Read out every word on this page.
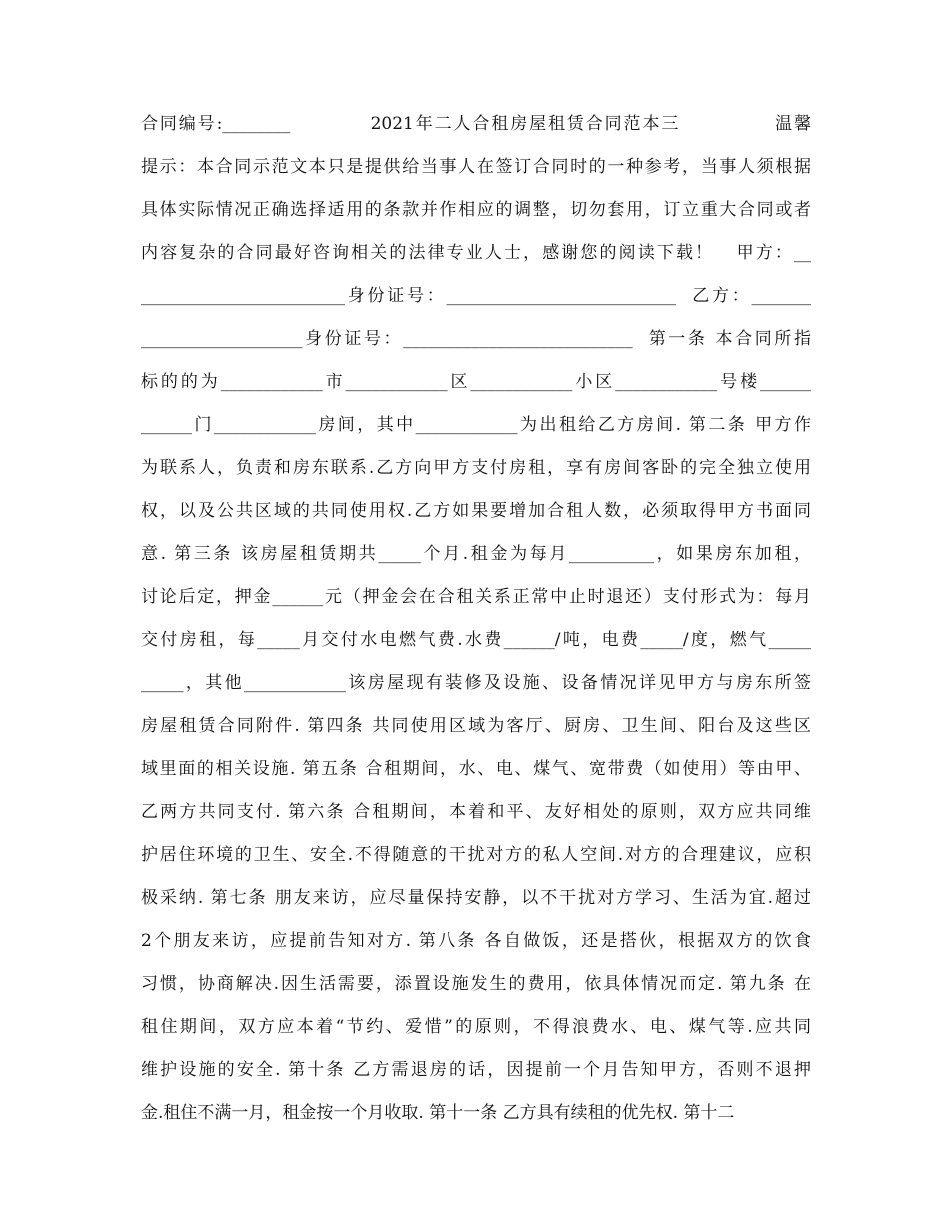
合同编号:________           2021年二人合租房屋租赁合同范本三             温馨
提示：本合同示范文本只是提供给当事人在签订合同时的一种参考，当事人须根据
具体实际情况正确选择适用的条款并作相应的调整，切勿套用，订立重大合同或者
内容复杂的合同最好咨询相关的法律专业人士，感谢您的阅读下载！   甲方：__
________________________身份证号：___________________________  乙方：_______
___________________身份证号：___________________________  第一条 本合同所指
标的的为____________市____________区____________小区____________号楼______
______门____________房间，其中____________为出租给乙方房间. 第二条 甲方作
为联系人，负责和房东联系.乙方向甲方支付房租，享有房间客卧的完全独立使用
权，以及公共区域的共同使用权.乙方如果要增加合租人数，必须取得甲方书面同
意. 第三条 该房屋租赁期共_____个月.租金为每月__________，如果房东加租，
讨论后定，押金______元（押金会在合租关系正常中止时退还）支付形式为：每月
交付房租，每_____月交付水电燃气费.水费______/吨，电费_____/度，燃气_____
_____，其他____________该房屋现有装修及设施、设备情况详见甲方与房东所签
房屋租赁合同附件. 第四条 共同使用区域为客厅、厨房、卫生间、阳台及这些区
域里面的相关设施. 第五条 合租期间，水、电、煤气、宽带费（如使用）等由甲、
乙两方共同支付. 第六条 合租期间，本着和平、友好相处的原则，双方应共同维
护居住环境的卫生、安全.不得随意的干扰对方的私人空间.对方的合理建议，应积
极采纳. 第七条 朋友来访，应尽量保持安静，以不干扰对方学习、生活为宜.超过
2个朋友来访，应提前告知对方. 第八条 各自做饭，还是搭伙，根据双方的饮食
习惯，协商解决.因生活需要，添置设施发生的费用，依具体情况而定. 第九条 在
租住期间，双方应本着“节约、爱惜”的原则，不得浪费水、电、煤气等.应共同
维护设施的安全. 第十条 乙方需退房的话，因提前一个月告知甲方，否则不退押
金.租住不满一月，租金按一个月收取. 第十一条 乙方具有续租的优先权. 第十二
